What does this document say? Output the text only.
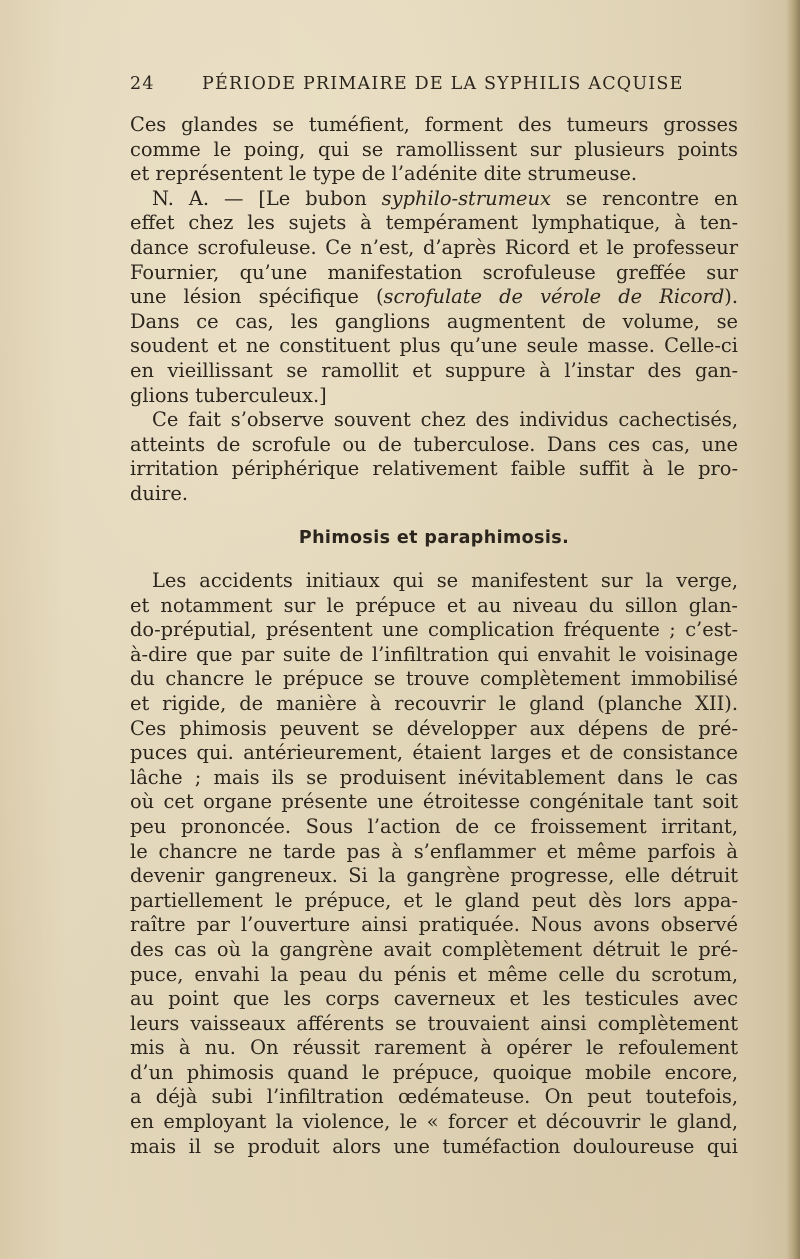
24	PÉRIODE PRIMAIRE DE LA SYPHILIS ACQUISE
Ces glandes se tuméfient, forment des tumeurs grosses
comme le poing, qui se ramollissent sur plusieurs points
et représentent le type de l’adénite dite strumeuse.
N. A. — [Le bubon syphilo-strumeux se rencontre en
effet chez les sujets à tempérament lymphatique, à ten-
dance scrofuleuse. Ce n’est, d’après Ricord et le professeur
Fournier, qu’une manifestation scrofuleuse greffée sur
une lésion spécifique (scrofulate de vérole de Ricord).
Dans ce cas, les ganglions augmentent de volume, se
soudent et ne constituent plus qu’une seule masse. Celle-ci
en vieillissant se ramollit et suppure à l’instar des gan-
glions tuberculeux.]
Ce fait s’observe souvent chez des individus cachectisés,
atteints de scrofule ou de tuberculose. Dans ces cas, une
irritation périphérique relativement faible suffit à le pro-
duire.
Phimosis et paraphimosis.
Les accidents initiaux qui se manifestent sur la verge,
et notamment sur le prépuce et au niveau du sillon glan-
do-préputial, présentent une complication fréquente ; c’est-
à-dire que par suite de l’infiltration qui envahit le voisinage
du chancre le prépuce se trouve complètement immobilisé
et rigide, de manière à recouvrir le gland (planche XII).
Ces phimosis peuvent se développer aux dépens de pré-
puces qui. antérieurement, étaient larges et de consistance
lâche ; mais ils se produisent inévitablement dans le cas
où cet organe présente une étroitesse congénitale tant soit
peu prononcée. Sous l’action de ce froissement irritant,
le chancre ne tarde pas à s’enflammer et même parfois à
devenir gangreneux. Si la gangrène progresse, elle détruit
partiellement le prépuce, et le gland peut dès lors appa-
raître par l’ouverture ainsi pratiquée. Nous avons observé
des cas où la gangrène avait complètement détruit le pré-
puce, envahi la peau du pénis et même celle du scrotum,
au point que les corps caverneux et les testicules avec
leurs vaisseaux afférents se trouvaient ainsi complètement
mis à nu. On réussit rarement à opérer le refoulement
d’un phimosis quand le prépuce, quoique mobile encore,
a déjà subi l’infiltration œdémateuse. On peut toutefois,
en employant la violence, le « forcer et découvrir le gland,
mais il se produit alors une tuméfaction douloureuse qui
